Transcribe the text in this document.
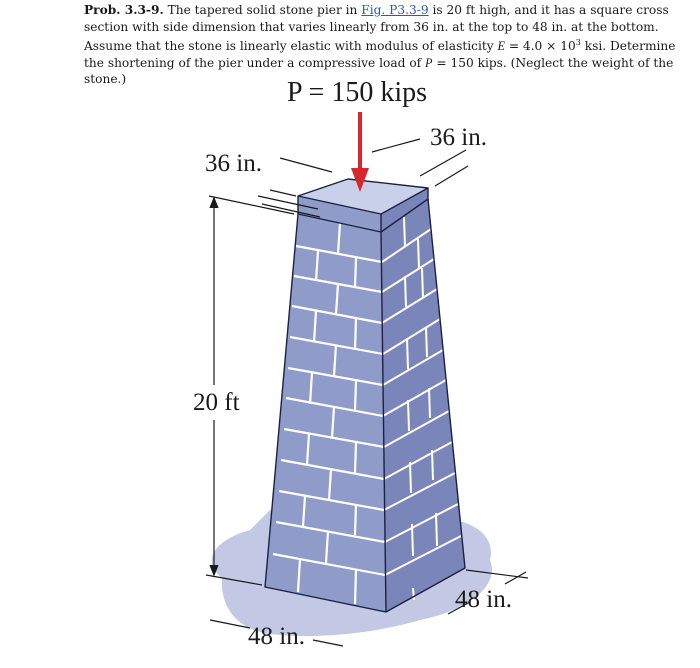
Prob. 3.3-9. The tapered solid stone pier in Fig. P3.3-9 is 20 ft high, and it has a square cross section with side dimension that varies linearly from 36 in. at the top to 48 in. at the bottom. Assume that the stone is linearly elastic with modulus of elasticity $E = 4.0 \times 10^3$ ksi. Determine the shortening of the pier under a compressive load of P = 150 kips. (Neglect the weight of the stone.)	P = 150 kips
36 in.
36 in.
20 ft
48 in.
48 in.
